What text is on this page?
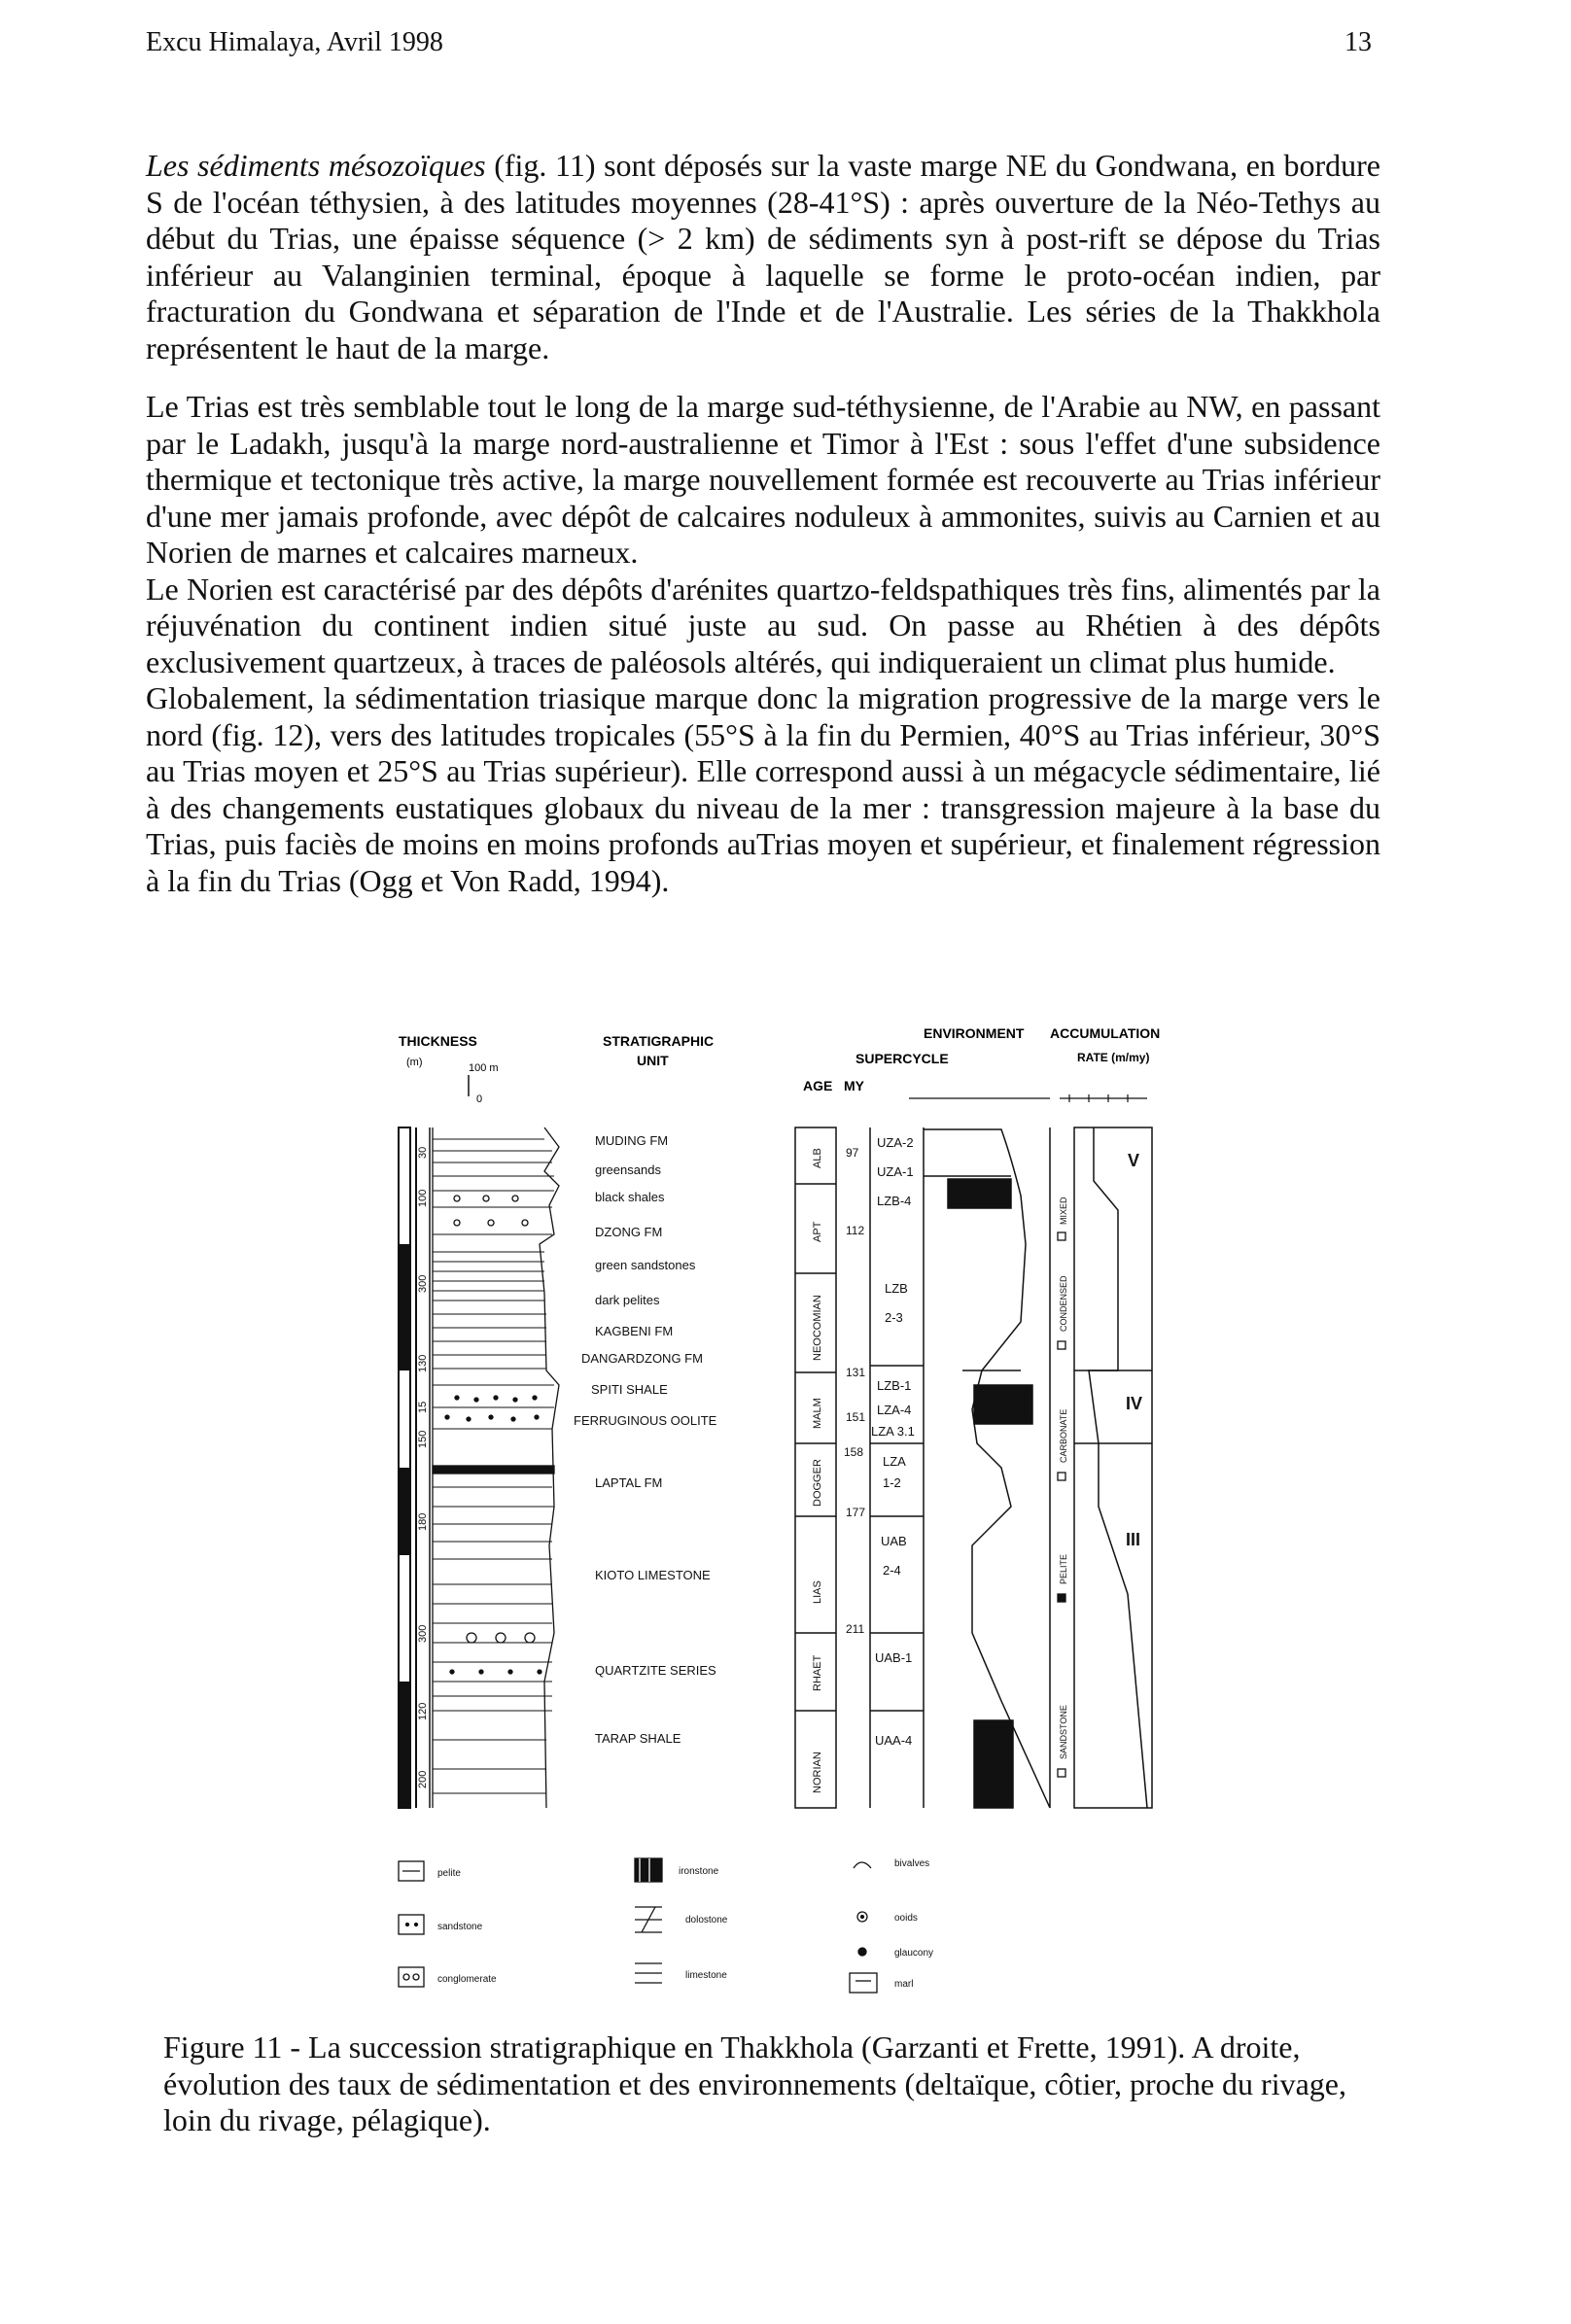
Excu Himalaya, Avril 1998	13

Les sédiments mésozoïques (fig. 11) sont déposés sur la vaste marge NE du Gondwana, en bordure S de l'océan téthysien, à des latitudes moyennes (28-41°S) : après ouverture de la Néo-Tethys au début du Trias, une épaisse séquence (> 2 km) de sédiments syn à post-rift se dépose du Trias inférieur au Valanginien terminal, époque à laquelle se forme le proto-océan indien, par fracturation du Gondwana et séparation de l'Inde et de l'Australie. Les séries de la Thakkhola représentent le haut de la marge.

Le Trias est très semblable tout le long de la marge sud-téthysienne, de l'Arabie au NW, en passant par le Ladakh, jusqu'à la marge nord-australienne et Timor à l'Est : sous l'effet d'une subsidence thermique et tectonique très active, la marge nouvellement formée est recouverte au Trias inférieur d'une mer jamais profonde, avec dépôt de calcaires noduleux à ammonites, suivis au Carnien et au Norien de marnes et calcaires marneux.

Le Norien est caractérisé par des dépôts d'arénites quartzo-feldspathiques très fins, alimentés par la réjuvénation du continent indien situé juste au sud. On passe au Rhétien à des dépôts exclusivement quartzeux, à traces de paléosols altérés, qui indiqueraient un climat plus humide.

Globalement, la sédimentation triasique marque donc la migration progressive de la marge vers le nord (fig. 12), vers des latitudes tropicales (55°S à la fin du Permien, 40°S au Trias inférieur, 30°S au Trias moyen et 25°S au Trias supérieur). Elle correspond aussi à un mégacycle sédimentaire, lié à des changements eustatiques globaux du niveau de la mer : transgression majeure à la base du Trias, puis faciès de moins en moins profonds auTrias moyen et supérieur, et finalement régression à la fin du Trias (Ogg et Von Radd, 1994).

THICKNESS
(m)	100 m
0
STRATIGRAPHIC
UNIT
ENVIRONMENT ACCUMULATION
SUPERCYCLE	RATE (m/my)
AGE MY
30
100
300
130
15
150
180
300
120
200
MUDING FM
greensands
black shales
DZONG FM
green sandstones
dark pelites
KAGBENI FM
DANGARDZONG FM
SPITI SHALE
FERRUGINOUS OOLITE
LAPTAL FM
KIOTO LIMESTONE
QUARTZITE SERIES
TARAP SHALE
ALB
APT
NEOCOMIAN
MALM
DOGGER
LIAS
RHAET
NORIAN
97
112
131
151
158
177
211
UZA-2
UZA-1
LZB-4
LZB
2-3
LZB-1
LZA-4
LZA 3.1
LZA
1-2
UAB
2-4
UAB-1
UAA-4
MIXED
CONDENSED
CARBONATE
PELITE
SANDSTONE
V
IV
III
pelite
sandstone
conglomerate
ironstone
dolostone
limestone
bivalves
ooids
glaucony
marl

Figure 11 - La succession stratigraphique en Thakkhola (Garzanti et Frette, 1991). A droite, évolution des taux de sédimentation et des environnements (deltaïque, côtier, proche du rivage, loin du rivage, pélagique).
